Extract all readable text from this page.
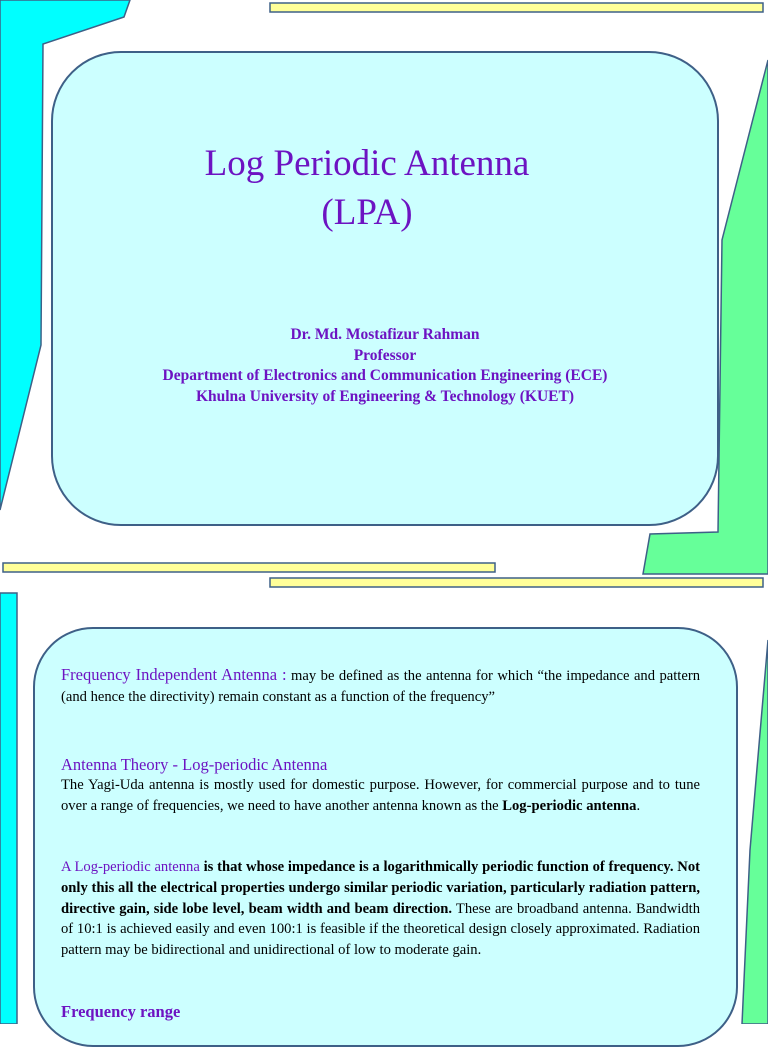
Log Periodic Antenna
(LPA)
Dr. Md. Mostafizur Rahman
Professor
Department of Electronics and Communication Engineering (ECE)
Khulna University of Engineering & Technology (KUET)

Frequency Independent Antenna : may be defined as the antenna for which “the impedance and pattern (and hence the directivity) remain constant as a function of the frequency”

Antenna Theory - Log-periodic Antenna

The Yagi-Uda antenna is mostly used for domestic purpose. However, for commercial purpose and to tune over a range of frequencies, we need to have another antenna known as the Log-periodic antenna.

A Log-periodic antenna is that whose impedance is a logarithmically periodic function of frequency. Not only this all the electrical properties undergo similar periodic variation, particularly radiation pattern, directive gain, side lobe level, beam width and beam direction. These are broadband antenna. Bandwidth of 10:1 is achieved easily and even 100:1 is feasible if the theoretical design closely approximated. Radiation pattern may be bidirectional and unidirectional of low to moderate gain.

Frequency range
